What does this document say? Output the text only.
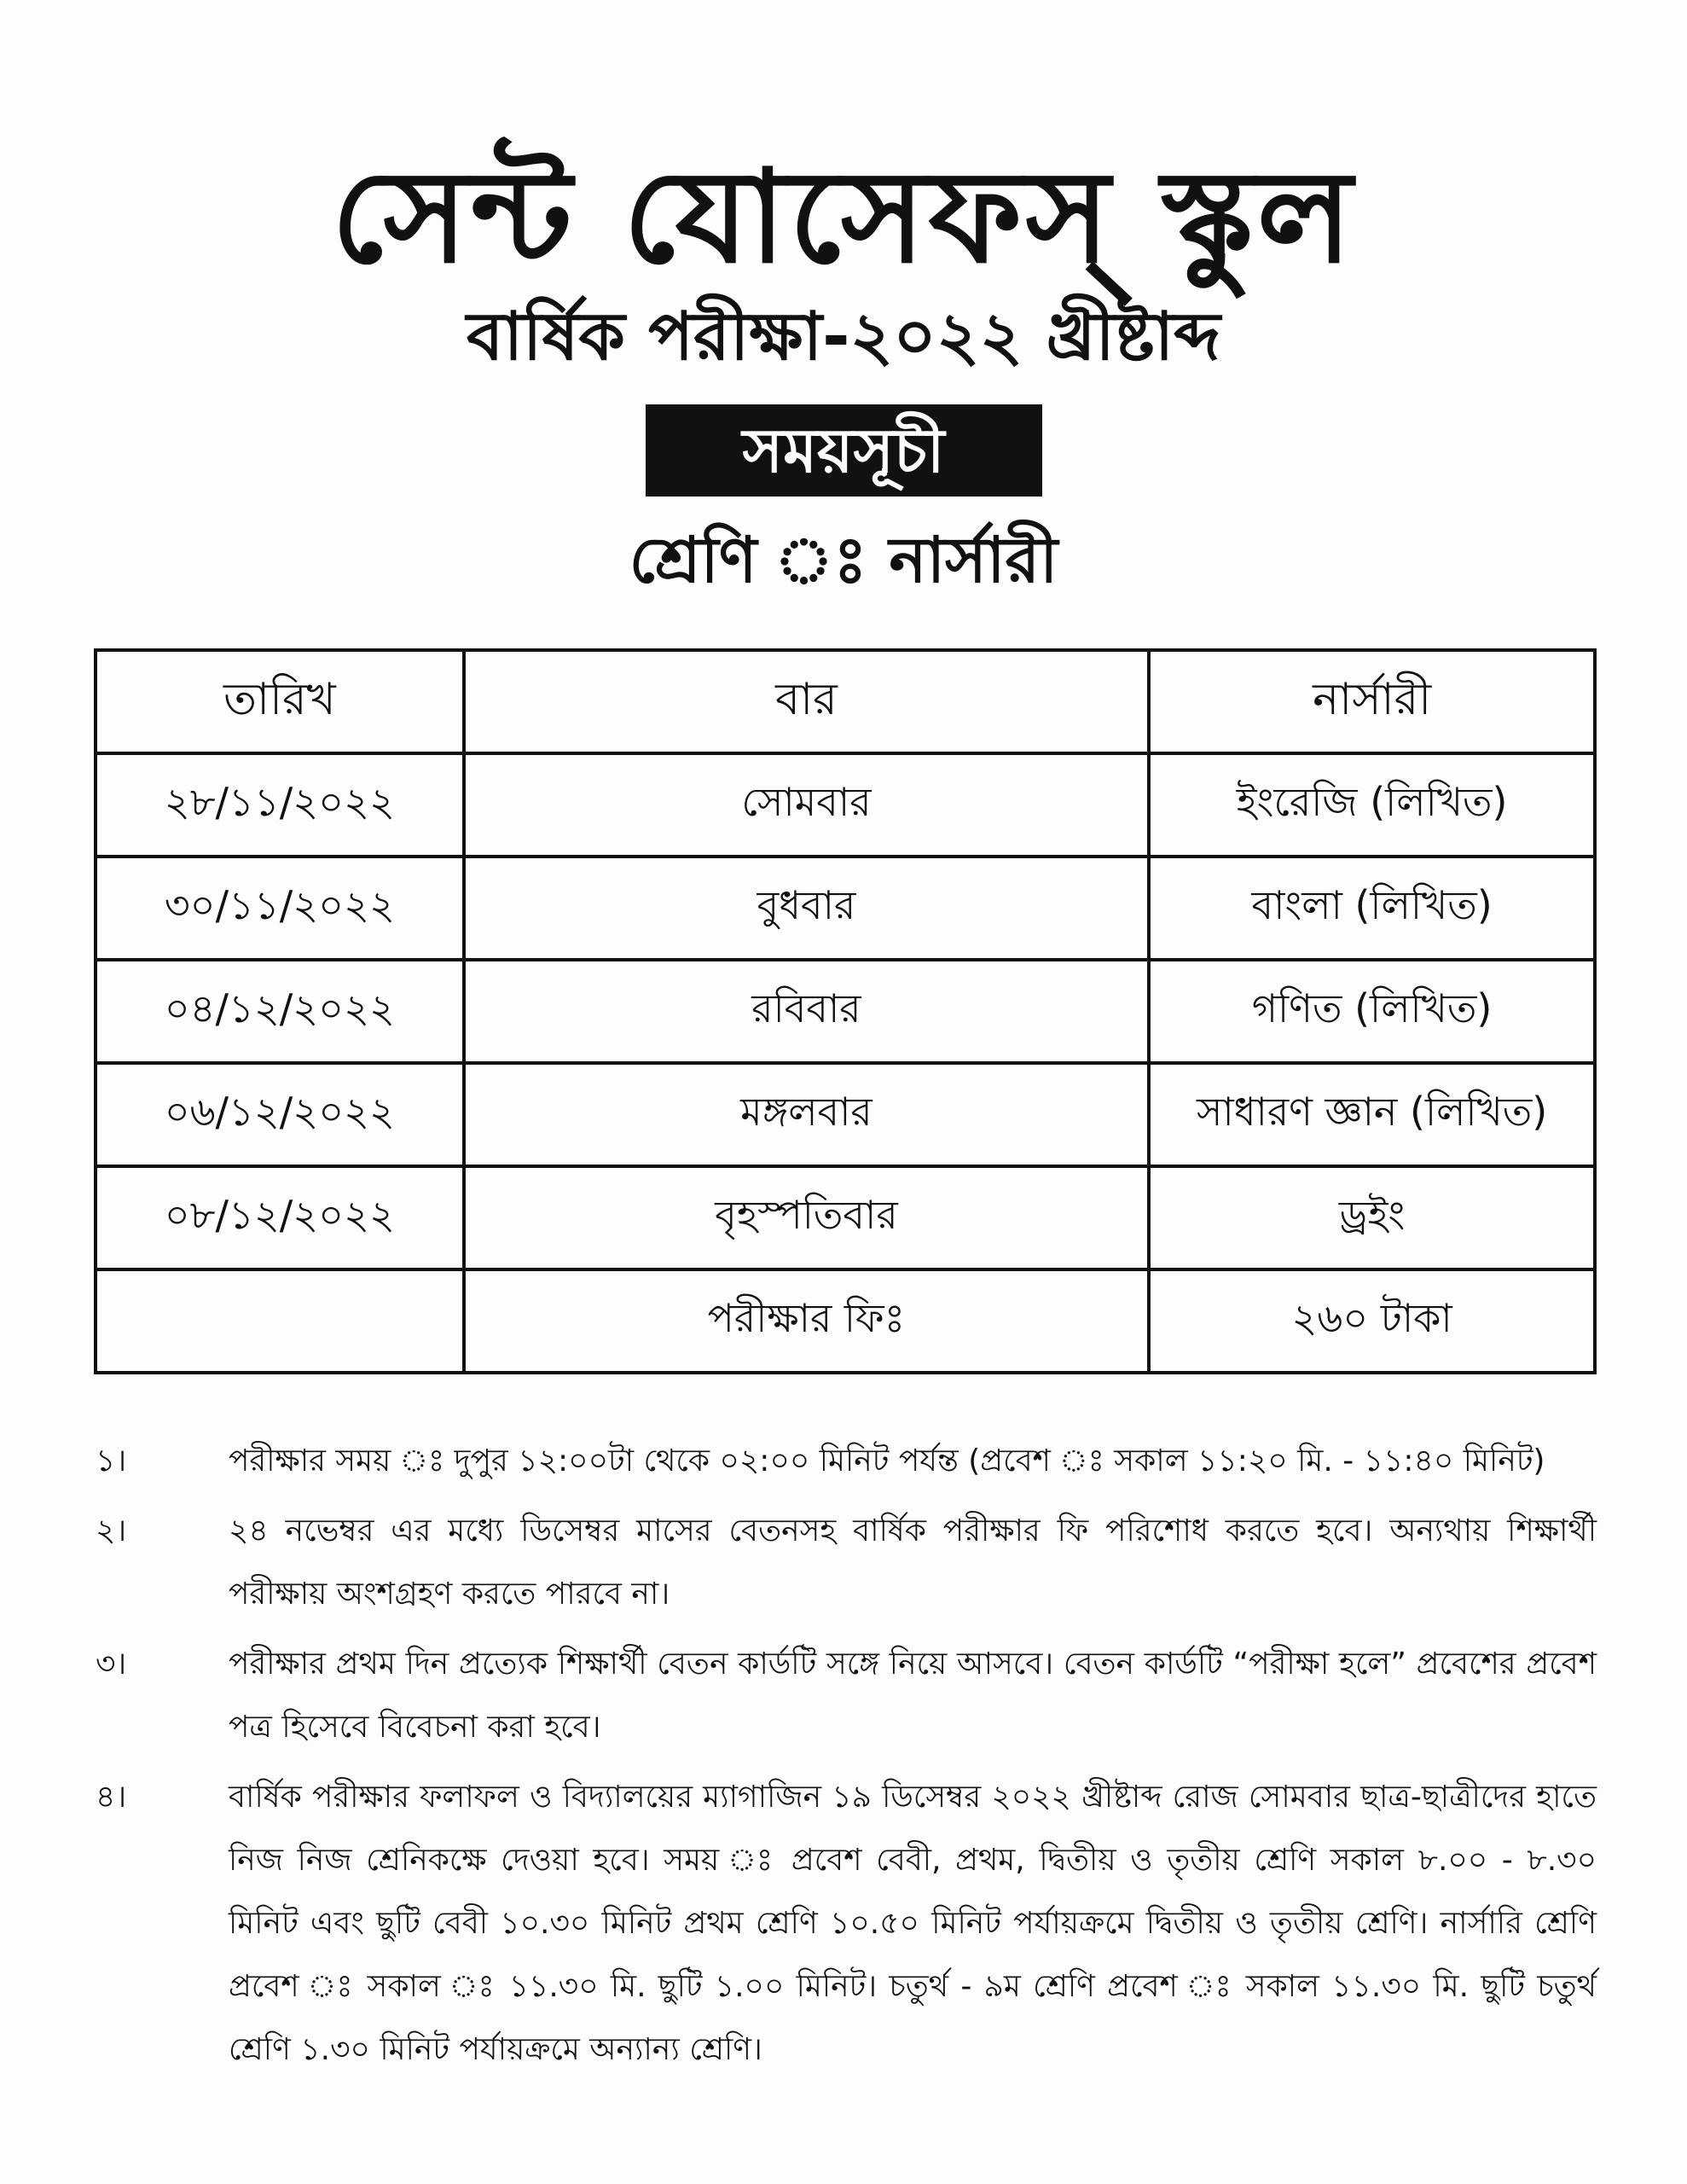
সেন্ট যোসেফস্ স্কুল
বার্ষিক পরীক্ষা-২০২২ খ্রীষ্টাব্দ
সময়সূচী
শ্রেণি ঃ নার্সারী
তারিখ	বার	নার্সারী
২৮/১১/২০২২	সোমবার	ইংরেজি (লিখিত)
৩০/১১/২০২২	বুধবার	বাংলা (লিখিত)
০৪/১২/২০২২	রবিবার	গণিত (লিখিত)
০৬/১২/২০২২	মঙ্গলবার	সাধারণ জ্ঞান (লিখিত)
০৮/১২/২০২২	বৃহস্পতিবার	ড্রইং
	পরীক্ষার ফিঃ	২৬০ টাকা
১।	পরীক্ষার সময় ঃ দুপুর ১২:০০টা থেকে ০২:০০ মিনিট পর্যন্ত (প্রবেশ ঃ সকাল ১১:২০ মি. - ১১:৪০ মিনিট)
২।	২৪ নভেম্বর এর মধ্যে ডিসেম্বর মাসের বেতনসহ বার্ষিক পরীক্ষার ফি পরিশোধ করতে হবে। অন্যথায় শিক্ষার্থী পরীক্ষায় অংশগ্রহণ করতে পারবে না।
৩।	পরীক্ষার প্রথম দিন প্রত্যেক শিক্ষার্থী বেতন কার্ডটি সঙ্গে নিয়ে আসবে। বেতন কার্ডটি “পরীক্ষা হলে” প্রবেশের প্রবেশ পত্র হিসেবে বিবেচনা করা হবে।
৪।	বার্ষিক পরীক্ষার ফলাফল ও বিদ্যালয়ের ম্যাগাজিন ১৯ ডিসেম্বর ২০২২ খ্রীষ্টাব্দ রোজ সোমবার ছাত্র-ছাত্রীদের হাতে নিজ নিজ শ্রেনিকক্ষে দেওয়া হবে। সময় ঃ প্রবেশ বেবী, প্রথম, দ্বিতীয় ও তৃতীয় শ্রেণি সকাল ৮.০০ - ৮.৩০ মিনিট এবং ছুটি বেবী ১০.৩০ মিনিট প্রথম শ্রেণি ১০.৫০ মিনিট পর্যায়ক্রমে দ্বিতীয় ও তৃতীয় শ্রেণি। নার্সারি শ্রেণি প্রবেশ ঃ সকাল ঃ ১১.৩০ মি. ছুটি ১.০০ মিনিট। চতুর্থ - ৯ম শ্রেণি প্রবেশ ঃ সকাল ১১.৩০ মি. ছুটি চতুর্থ শ্রেণি ১.৩০ মিনিট পর্যায়ক্রমে অন্যান্য শ্রেণি।
